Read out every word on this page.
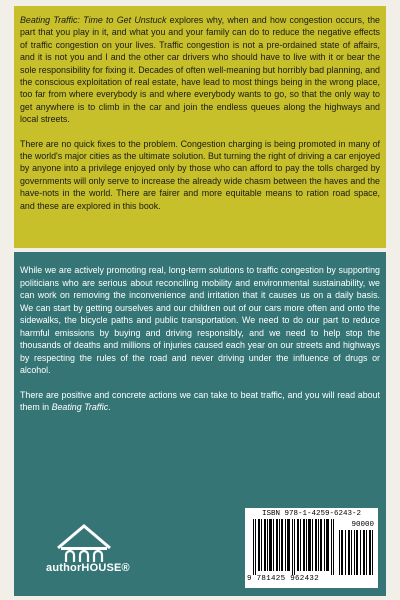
Beating Traffic: Time to Get Unstuck explores why, when and how congestion occurs, the part that you play in it, and what you and your family can do to reduce the negative effects of traffic congestion on your lives. Traffic congestion is not a pre-ordained state of affairs, and it is not you and I and the other car drivers who should have to live with it or bear the sole responsibility for fixing it. Decades of often well-meaning but horribly bad planning, and the conscious exploitation of real estate, have lead to most things being in the wrong place, too far from where everybody is and where everybody wants to go, so that the only way to get anywhere is to climb in the car and join the endless queues along the highways and local streets.

There are no quick fixes to the problem. Congestion charging is being promoted in many of the world's major cities as the ultimate solution. But turning the right of driving a car enjoyed by anyone into a privilege enjoyed only by those who can afford to pay the tolls charged by governments will only serve to increase the already wide chasm between the haves and the have-nots in the world. There are fairer and more equitable means to ration road space, and these are explored in this book.

While we are actively promoting real, long-term solutions to traffic congestion by supporting politicians who are serious about reconciling mobility and environmental sustainability, we can work on removing the inconvenience and irritation that it causes us on a daily basis. We can start by getting ourselves and our children out of our cars more often and onto the sidewalks, the bicycle paths and public transportation. We need to do our part to reduce harmful emissions by buying and driving responsibly, and we need to help stop the thousands of deaths and millions of injuries caused each year on our streets and highways by respecting the rules of the road and never driving under the influence of drugs or alcohol.

There are positive and concrete actions we can take to beat traffic, and you will read about them in Beating Traffic.

authorHOUSE®
ISBN 978-1-4259-6243-2
90000
9 781425 962432
